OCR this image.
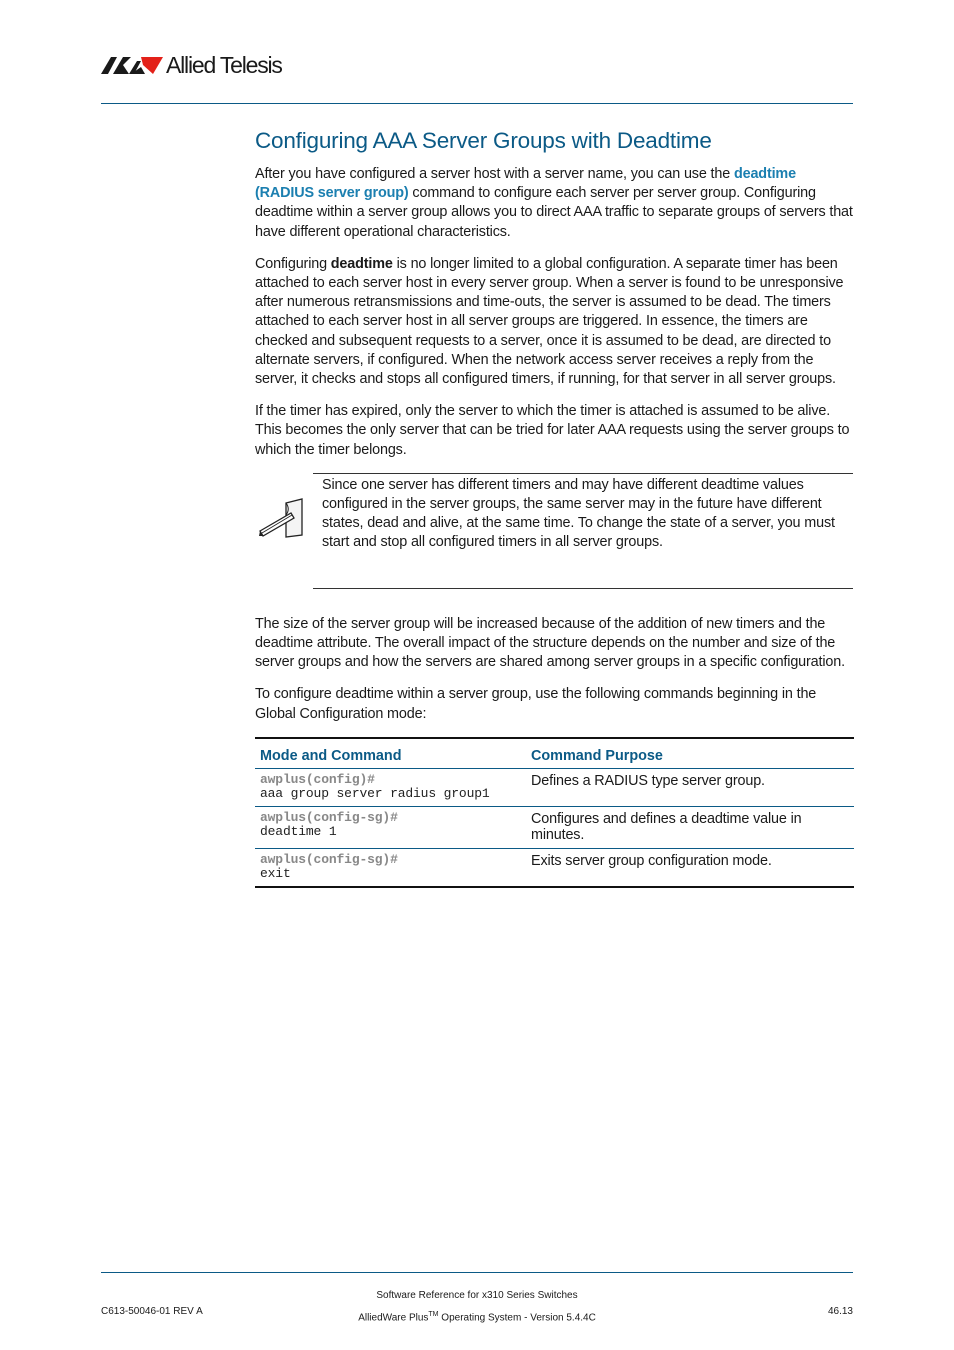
Allied Telesis
Configuring AAA Server Groups with Deadtime

After you have configured a server host with a server name, you can use the deadtime (RADIUS server group) command to configure each server per server group. Configuring deadtime within a server group allows you to direct AAA traffic to separate groups of servers that have different operational characteristics.

Configuring deadtime is no longer limited to a global configuration. A separate timer has been attached to each server host in every server group. When a server is found to be unresponsive after numerous retransmissions and time-outs, the server is assumed to be dead. The timers attached to each server host in all server groups are triggered. In essence, the timers are checked and subsequent requests to a server, once it is assumed to be dead, are directed to alternate servers, if configured. When the network access server receives a reply from the server, it checks and stops all configured timers, if running, for that server in all server groups.

If the timer has expired, only the server to which the timer is attached is assumed to be alive. This becomes the only server that can be tried for later AAA requests using the server groups to which the timer belongs.

Since one server has different timers and may have different deadtime values configured in the server groups, the same server may in the future have different states, dead and alive, at the same time. To change the state of a server, you must start and stop all configured timers in all server groups.

The size of the server group will be increased because of the addition of new timers and the deadtime attribute. The overall impact of the structure depends on the number and size of the server groups and how the servers are shared among server groups in a specific configuration.

To configure deadtime within a server group, use the following commands beginning in the Global Configuration mode:

Mode and Command	Command Purpose

awplus(config)#
aaa group server radius group1	Defines a RADIUS type server group.

awplus(config-sg)#
deadtime 1	Configures and defines a deadtime value in minutes.

awplus(config-sg)#
exit	Exits server group configuration mode.
Software Reference for x310 Series Switches
AlliedWare Plus™ Operating System - Version 5.4.4C
C613-50046-01 REV A	46.13
